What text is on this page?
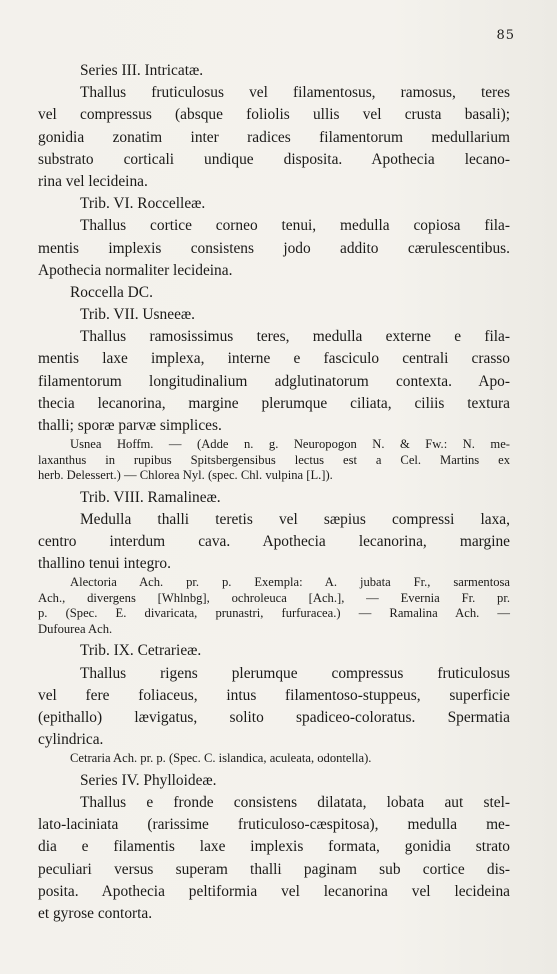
85
Series III. Intricatæ.
Thallus fruticulosus vel filamentosus, ramosus, teres
vel compressus (absque foliolis ullis vel crusta basali);
gonidia zonatim inter radices filamentorum medullarium
substrato corticali undique disposita. Apothecia lecano-
rina vel lecideina.
Trib. VI. Roccelleæ.
Thallus cortice corneo tenui, medulla copiosa fila-
mentis implexis consistens jodo addito cærulescentibus.
Apothecia normaliter lecideina.
Roccella DC.
Trib. VII. Usneeæ.
Thallus ramosissimus teres, medulla externe e fila-
mentis laxe implexa, interne e fasciculo centrali crasso
filamentorum longitudinalium adglutinatorum contexta. Apo-
thecia lecanorina, margine plerumque ciliata, ciliis textura
thalli; sporæ parvæ simplices.
Usnea Hoffm. — (Adde n. g. Neuropogon N. & Fw.: N. me-
laxanthus in rupibus Spitsbergensibus lectus est a Cel. Martins ex
herb. Delessert.) — Chlorea Nyl. (spec. Chl. vulpina [L.]).
Trib. VIII. Ramalineæ.
Medulla thalli teretis vel sæpius compressi laxa,
centro interdum cava. Apothecia lecanorina, margine
thallino tenui integro.
Alectoria Ach. pr. p. Exempla: A. jubata Fr., sarmentosa
Ach., divergens [Whlnbg], ochroleuca [Ach.], — Evernia Fr. pr.
p. (Spec. E. divaricata, prunastri, furfuracea.) — Ramalina Ach. —
Dufourea Ach.
Trib. IX. Cetrarieæ.
Thallus rigens plerumque compressus fruticulosus
vel fere foliaceus, intus filamentoso-stuppeus, superficie
(epithallo) lævigatus, solito spadiceo-coloratus. Spermatia
cylindrica.
Cetraria Ach. pr. p. (Spec. C. islandica, aculeata, odontella).
Series IV. Phylloideæ.
Thallus e fronde consistens dilatata, lobata aut stel-
lato-laciniata (rarissime fruticuloso-cæspitosa), medulla me-
dia e filamentis laxe implexis formata, gonidia strato
peculiari versus superam thalli paginam sub cortice dis-
posita. Apothecia peltiformia vel lecanorina vel lecideina
et gyrose contorta.
